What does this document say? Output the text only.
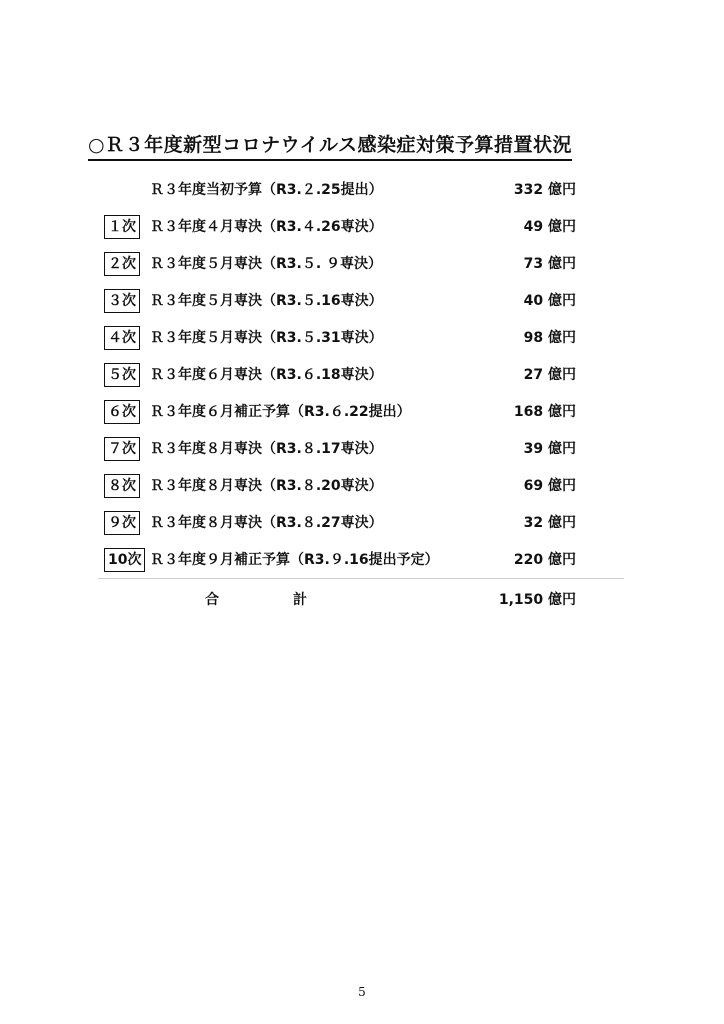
○Ｒ３年度新型コロナウイルス感染症対策予算措置状況
Ｒ３年度当初予算（R3.２.25提出）	332 億円
１次 Ｒ３年度４月専決（R3.４.26専決）	49 億円
２次 Ｒ３年度５月専決（R3.５. ９専決）	73 億円
３次 Ｒ３年度５月専決（R3.５.16専決）	40 億円
４次 Ｒ３年度５月専決（R3.５.31専決）	98 億円
５次 Ｒ３年度６月専決（R3.６.18専決）	27 億円
６次 Ｒ３年度６月補正予算（R3.６.22提出）	168 億円
７次 Ｒ３年度８月専決（R3.８.17専決）	39 億円
８次 Ｒ３年度８月専決（R3.８.20専決）	69 億円
９次 Ｒ３年度８月専決（R3.８.27専決）	32 億円
10次 Ｒ３年度９月補正予算（R3.９.16提出予定）	220 億円
合	計	1,150 億円
5
